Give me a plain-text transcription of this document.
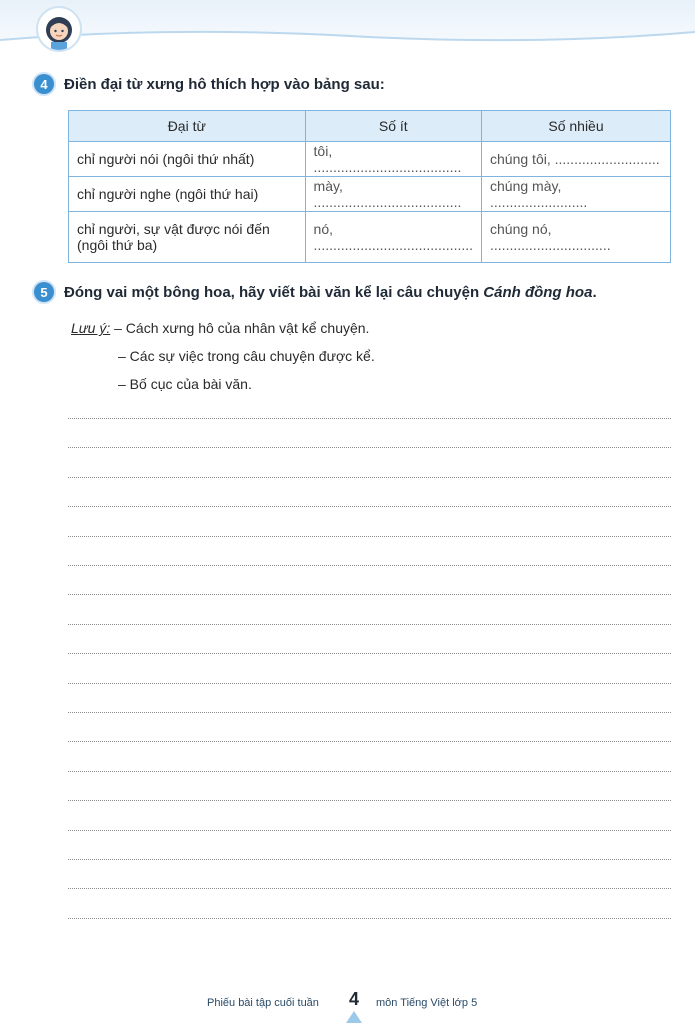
4	Điền đại từ xưng hô thích hợp vào bảng sau:
Đại từ	Số ít	Số nhiều
chỉ người nói (ngôi thứ nhất)	tôi, ......................................	chúng tôi, ...........................
chỉ người nghe (ngôi thứ hai)	mày, ......................................	chúng mày, .........................

chỉ người, sự vật được nói đến
(ngôi thứ ba)	nó, .........................................	chúng nó, ...............................
5	Đóng vai một bông hoa, hãy viết bài văn kể lại câu chuyện Cánh đồng hoa.
Lưu ý: – Cách xưng hô của nhân vật kể chuyện.
– Các sự việc trong câu chuyện được kể.
– Bố cục của bài văn.
Phiếu bài tập cuối tuần	4	môn Tiếng Việt lớp 5
